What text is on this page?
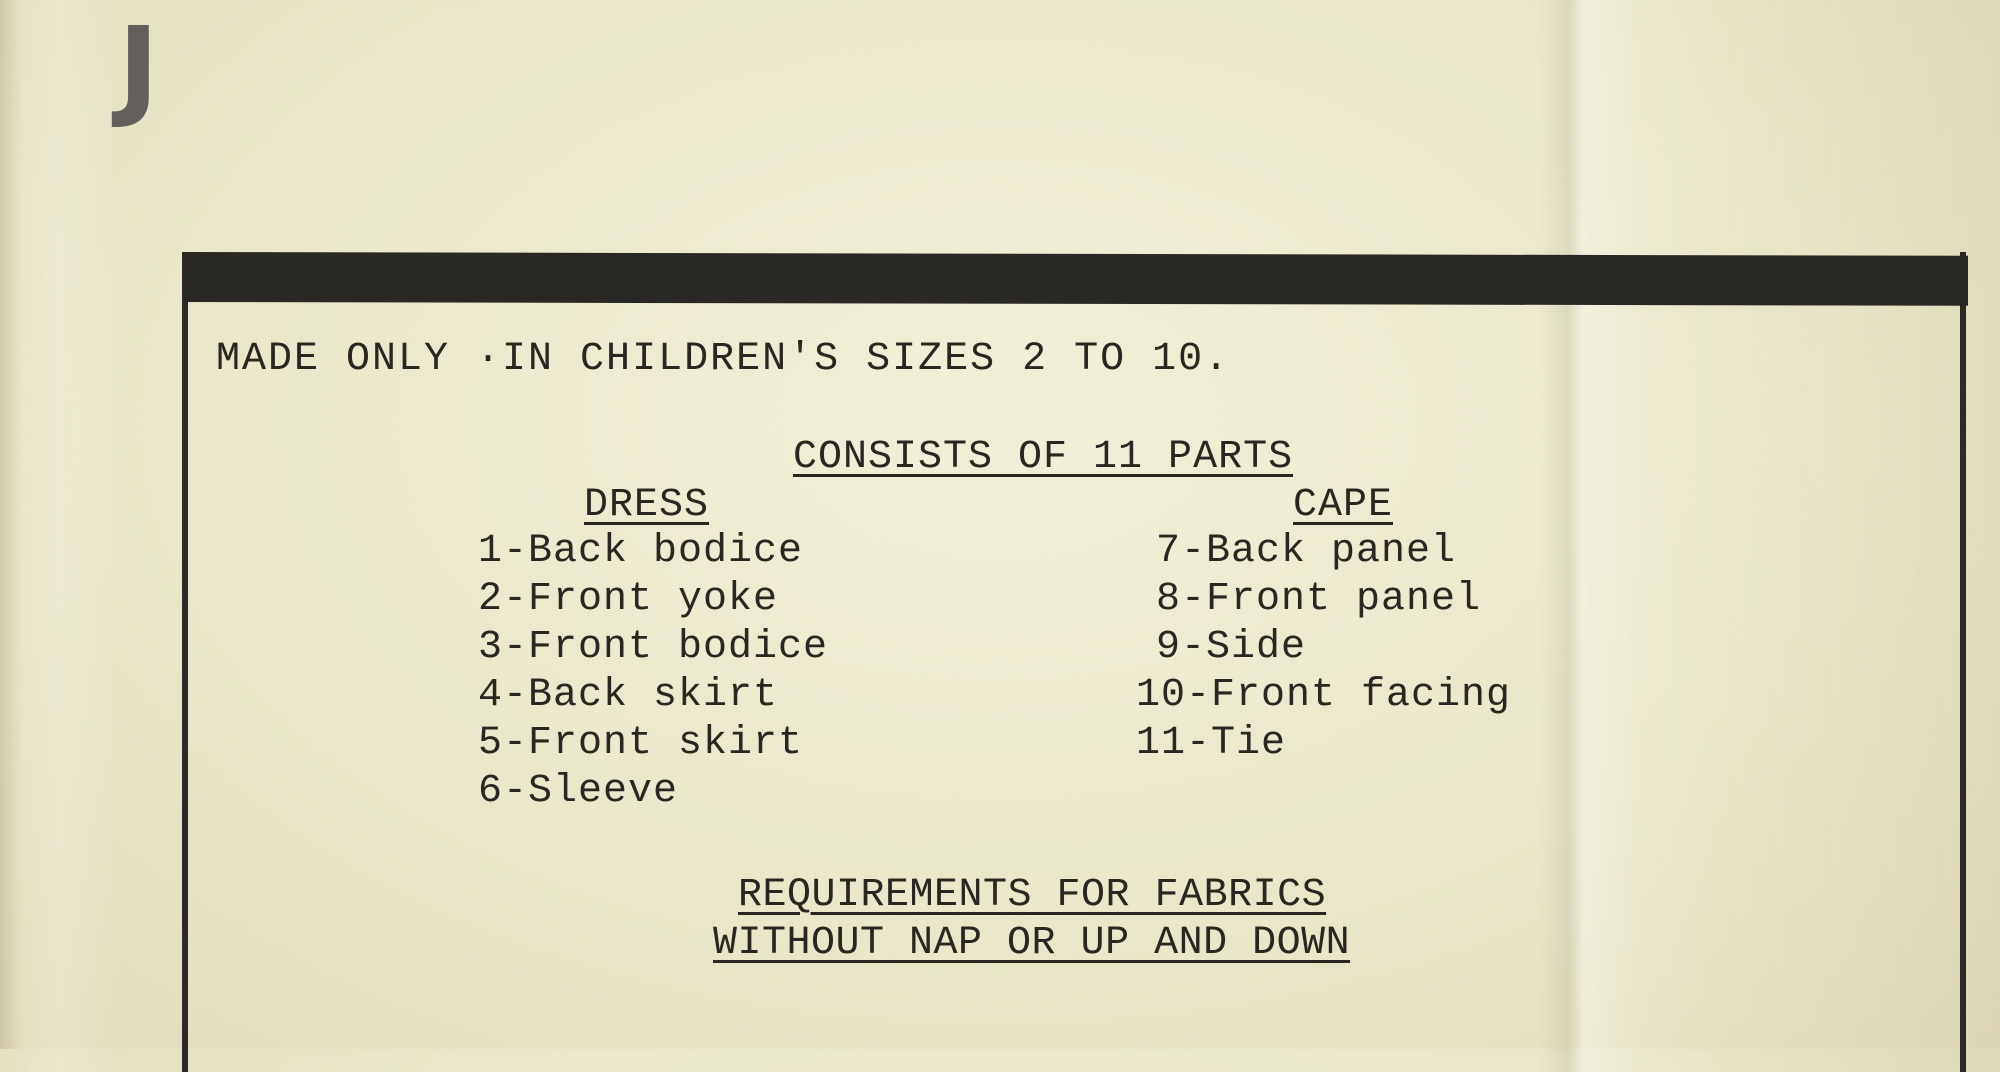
J
MADE ONLY ·IN CHILDREN'S SIZES 2 TO 10.
CONSISTS OF 11 PARTS
DRESS	CAPE
1-Back bodice
2-Front yoke
3-Front bodice
4-Back skirt
5-Front skirt
6-Sleeve
7-Back panel
8-Front panel
9-Side
10-Front facing
11-Tie
REQUIREMENTS FOR FABRICS
WITHOUT NAP OR UP AND DOWN
